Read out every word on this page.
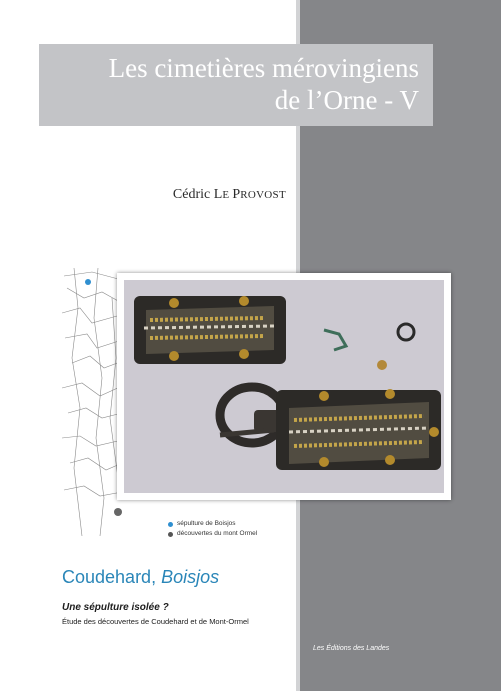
Les cimetières mérovingiens
de l’Orne - V
Cédric LE PROVOST
sépulture de Boisjos
découvertes du mont Ormel
Coudehard, Boisjos
Une sépulture isolée ?
Étude des découvertes de Coudehard et de Mont-Ormel
Les Éditions des Landes
